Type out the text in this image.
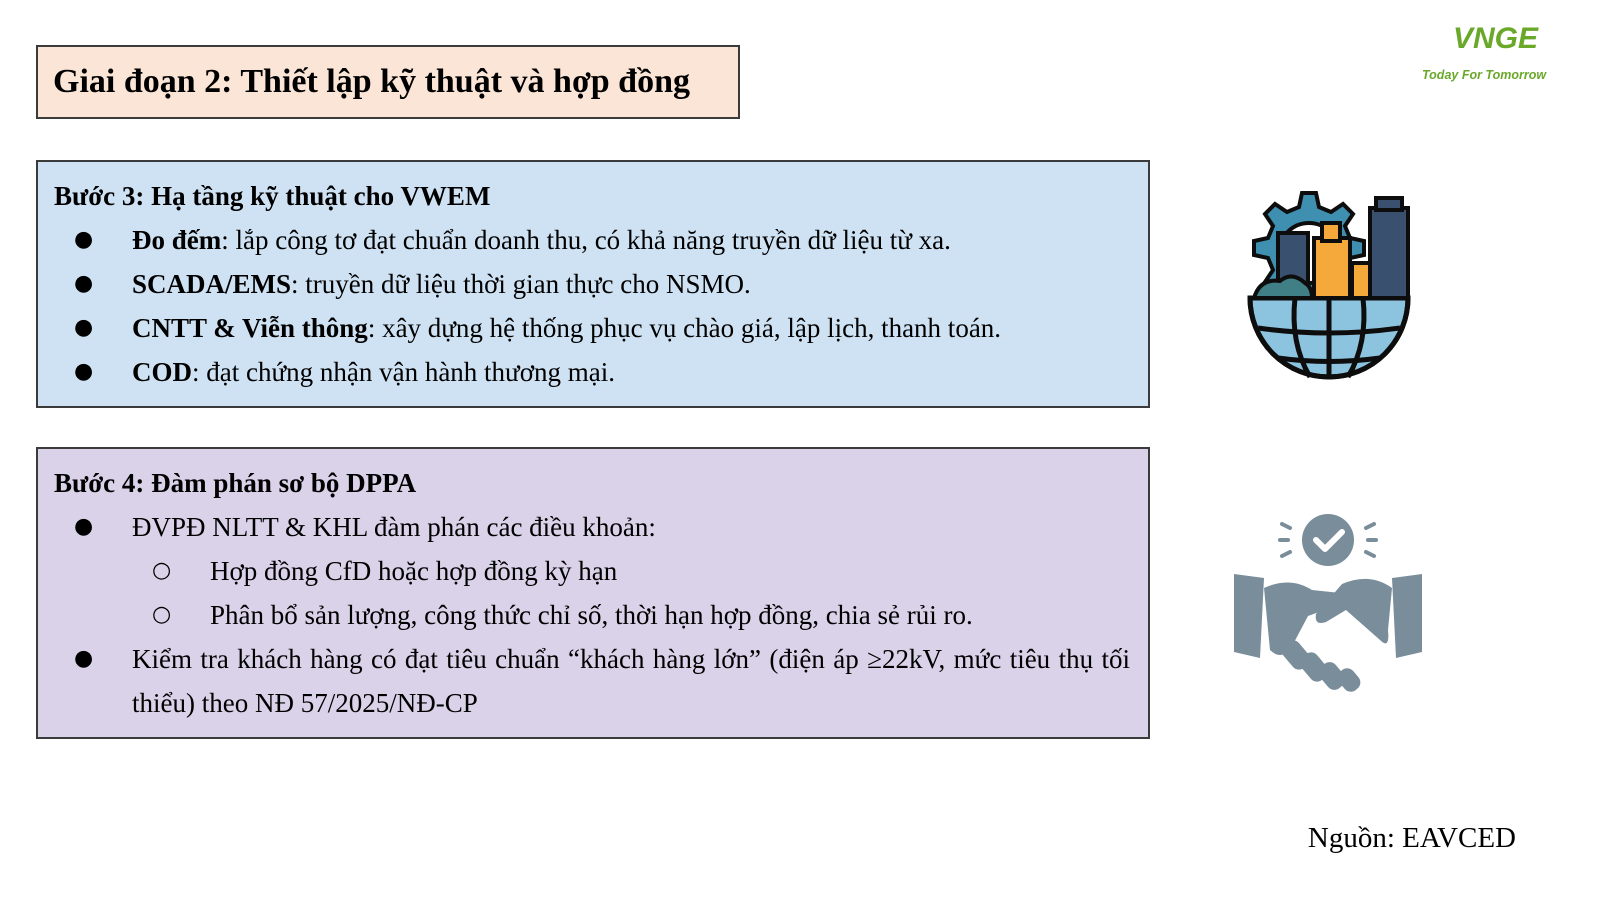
Giai đoạn 2: Thiết lập kỹ thuật và hợp đồng
VNGE
Today For Tomorrow
Bước 3: Hạ tầng kỹ thuật cho VWEM
● Đo đếm: lắp công tơ đạt chuẩn doanh thu, có khả năng truyền dữ liệu từ xa.
● SCADA/EMS: truyền dữ liệu thời gian thực cho NSMO.
● CNTT & Viễn thông: xây dựng hệ thống phục vụ chào giá, lập lịch, thanh toán.
● COD: đạt chứng nhận vận hành thương mại.
Bước 4: Đàm phán sơ bộ DPPA
● ĐVPĐ NLTT & KHL đàm phán các điều khoản:
○ Hợp đồng CfD hoặc hợp đồng kỳ hạn
○ Phân bổ sản lượng, công thức chỉ số, thời hạn hợp đồng, chia sẻ rủi ro.
● Kiểm tra khách hàng có đạt tiêu chuẩn “khách hàng lớn” (điện áp ≥22kV, mức tiêu thụ tối thiểu) theo NĐ 57/2025/NĐ-CP
Nguồn: EAVCED
